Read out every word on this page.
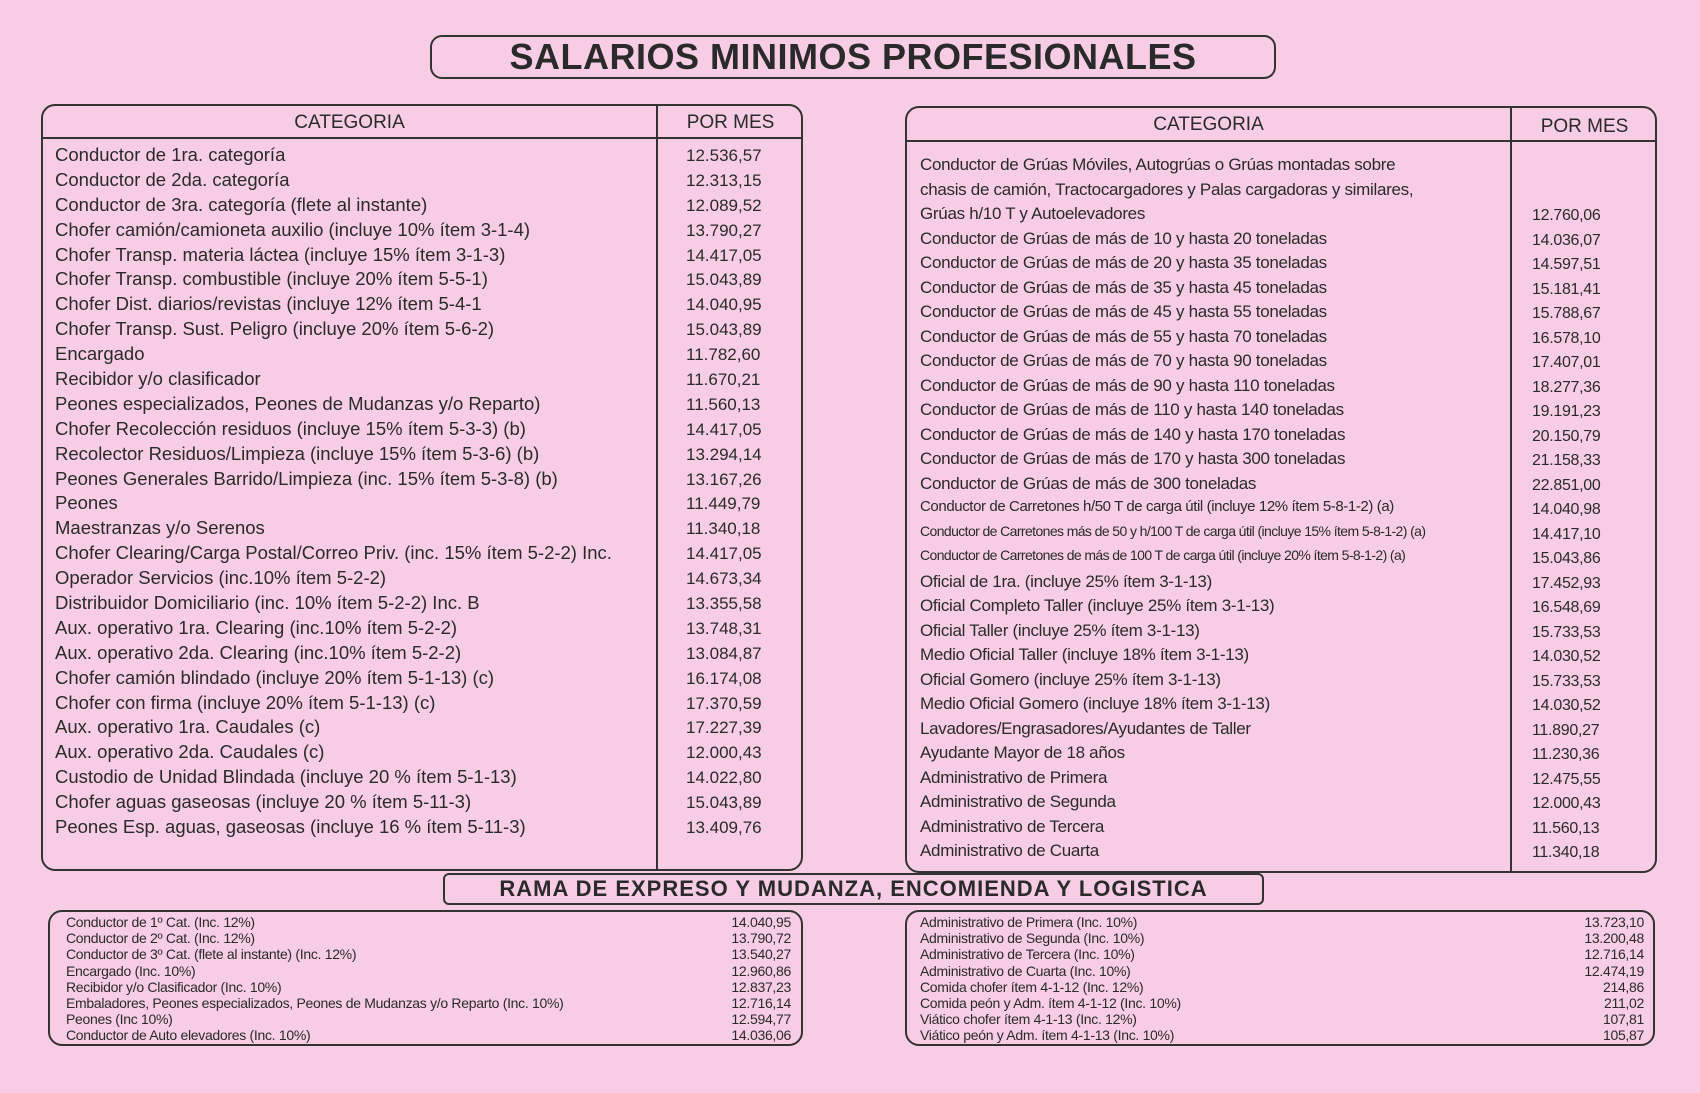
SALARIOS MINIMOS PROFESIONALES
CATEGORIA	POR MES
Conductor de 1ra. categoría	12.536,57
Conductor de 2da. categoría	12.313,15
Conductor de 3ra. categoría (flete al instante)	12.089,52
Chofer camión/camioneta auxilio (incluye 10% ítem 3-1-4)	13.790,27
Chofer Transp. materia láctea (incluye 15% ítem 3-1-3)	14.417,05
Chofer Transp. combustible (incluye 20% ítem 5-5-1)	15.043,89
Chofer Dist. diarios/revistas (incluye 12% ítem 5-4-1	14.040,95
Chofer Transp. Sust. Peligro (incluye 20% ítem 5-6-2)	15.043,89
Encargado	11.782,60
Recibidor y/o clasificador	11.670,21
Peones especializados, Peones de Mudanzas y/o Reparto)	11.560,13
Chofer Recolección residuos (incluye 15% ítem 5-3-3) (b)	14.417,05
Recolector Residuos/Limpieza (incluye 15% ítem 5-3-6) (b)	13.294,14
Peones Generales Barrido/Limpieza (inc. 15% ítem 5-3-8) (b)	13.167,26
Peones	11.449,79
Maestranzas y/o Serenos	11.340,18
Chofer Clearing/Carga Postal/Correo Priv. (inc. 15% ítem 5-2-2) Inc.	14.417,05
Operador Servicios (inc.10% ítem 5-2-2)	14.673,34
Distribuidor Domiciliario (inc. 10% ítem 5-2-2) Inc. B	13.355,58
Aux. operativo 1ra. Clearing (inc.10% ítem 5-2-2)	13.748,31
Aux. operativo 2da. Clearing (inc.10% ítem 5-2-2)	13.084,87
Chofer camión blindado (incluye 20% ítem 5-1-13) (c)	16.174,08
Chofer con firma (incluye 20% ítem 5-1-13) (c)	17.370,59
Aux. operativo 1ra. Caudales (c)	17.227,39
Aux. operativo 2da. Caudales (c)	12.000,43
Custodio de Unidad Blindada (incluye 20 % ítem 5-1-13)	14.022,80
Chofer aguas gaseosas (incluye 20 % ítem 5-11-3)	15.043,89
Peones Esp. aguas, gaseosas (incluye 16 % ítem 5-11-3)	13.409,76
CATEGORIA	POR MES
Conductor de Grúas Móviles, Autogrúas o Grúas montadas sobre
chasis de camión, Tractocargadores y Palas cargadoras y similares,
Grúas h/10 T y Autoelevadores	12.760,06
Conductor de Grúas de más de 10 y hasta 20 toneladas	14.036,07
Conductor de Grúas de más de 20 y hasta 35 toneladas	14.597,51
Conductor de Grúas de más de 35 y hasta 45 toneladas	15.181,41
Conductor de Grúas de más de 45 y hasta 55 toneladas	15.788,67
Conductor de Grúas de más de 55 y hasta 70 toneladas	16.578,10
Conductor de Grúas de más de 70 y hasta 90 toneladas	17.407,01
Conductor de Grúas de más de 90 y hasta 110 toneladas	18.277,36
Conductor de Grúas de más de 110 y hasta 140 toneladas	19.191,23
Conductor de Grúas de más de 140 y hasta 170 toneladas	20.150,79
Conductor de Grúas de más de 170 y hasta 300 toneladas	21.158,33
Conductor de Grúas de más de 300 toneladas	22.851,00
Conductor de Carretones h/50 T de carga útil (incluye 12% ítem 5-8-1-2) (a)	14.040,98
Conductor de Carretones más de 50 y h/100 T de carga útil (incluye 15% ítem 5-8-1-2) (a)	14.417,10
Conductor de Carretones de más de 100 T de carga útil (incluye 20% ítem 5-8-1-2) (a)	15.043,86
Oficial de 1ra. (incluye 25% ítem 3-1-13)	17.452,93
Oficial Completo Taller (incluye 25% ítem 3-1-13)	16.548,69
Oficial Taller (incluye 25% ítem 3-1-13)	15.733,53
Medio Oficial Taller (incluye 18% ítem 3-1-13)	14.030,52
Oficial Gomero (incluye 25% ítem 3-1-13)	15.733,53
Medio Oficial Gomero (incluye 18% ítem 3-1-13)	14.030,52
Lavadores/Engrasadores/Ayudantes de Taller	11.890,27
Ayudante Mayor de 18 años	11.230,36
Administrativo de Primera	12.475,55
Administrativo de Segunda	12.000,43
Administrativo de Tercera	11.560,13
Administrativo de Cuarta	11.340,18
RAMA DE EXPRESO Y MUDANZA, ENCOMIENDA Y LOGISTICA
Conductor de 1º Cat. (Inc. 12%)	14.040,95
Conductor de 2º Cat. (Inc. 12%)	13.790,72
Conductor de 3º Cat. (flete al instante) (Inc. 12%)	13.540,27
Encargado (Inc. 10%)	12.960,86
Recibidor y/o Clasificador (Inc. 10%)	12.837,23
Embaladores, Peones especializados, Peones de Mudanzas y/o Reparto (Inc. 10%)	12.716,14
Peones (Inc 10%)	12.594,77
Conductor de Auto elevadores (Inc. 10%)	14.036,06
Administrativo de Primera (Inc. 10%)	13.723,10
Administrativo de Segunda (Inc. 10%)	13.200,48
Administrativo de Tercera (Inc. 10%)	12.716,14
Administrativo de Cuarta (Inc. 10%)	12.474,19
Comida chofer ítem 4-1-12 (Inc. 12%)	214,86
Comida peón y Adm. ítem 4-1-12 (Inc. 10%)	211,02
Viático chofer ítem 4-1-13 (Inc. 12%)	107,81
Viático peón y Adm. ítem 4-1-13 (Inc. 10%)	105,87
